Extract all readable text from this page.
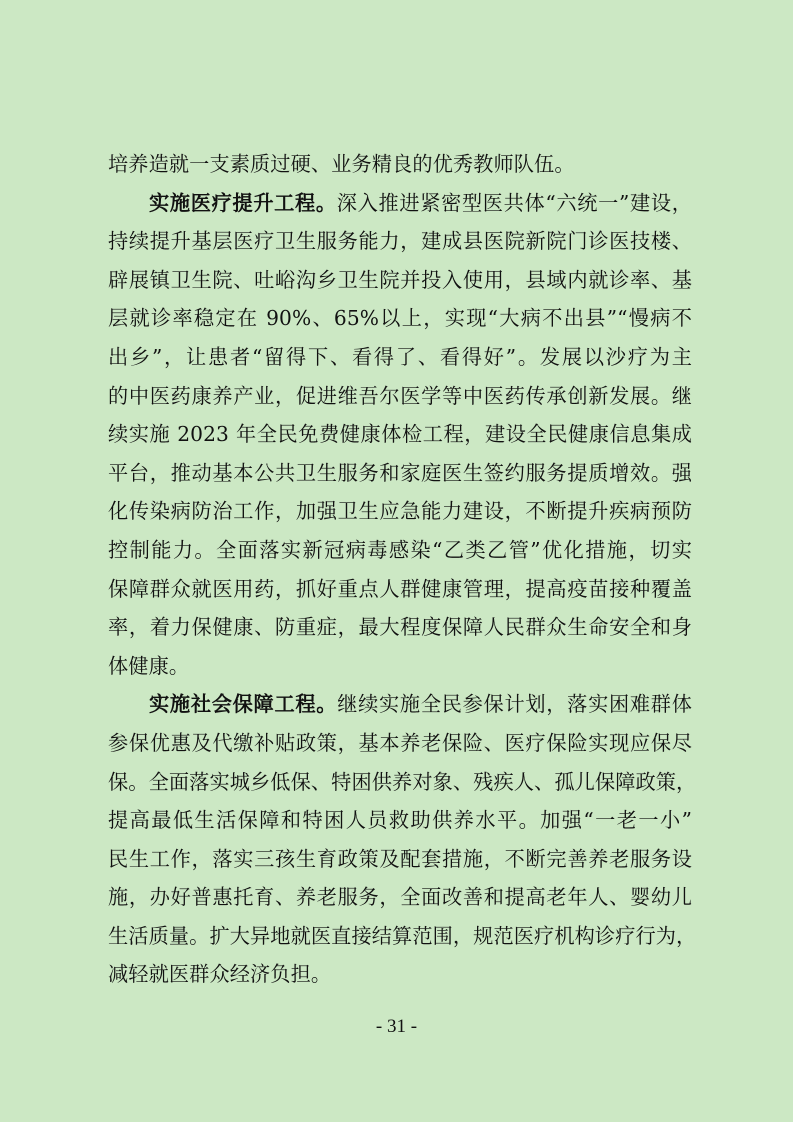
培养造就一支素质过硬、业务精良的优秀教师队伍。
实施医疗提升工程。深入推进紧密型医共体“六统一”建设，
持续提升基层医疗卫生服务能力，建成县医院新院门诊医技楼、
辟展镇卫生院、吐峪沟乡卫生院并投入使用，县域内就诊率、基
层就诊率稳定在 90%、65%以上，实现“大病不出县”“慢病不
出乡”，让患者“留得下、看得了、看得好”。发展以沙疗为主
的中医药康养产业，促进维吾尔医学等中医药传承创新发展。继
续实施 2023 年全民免费健康体检工程，建设全民健康信息集成
平台，推动基本公共卫生服务和家庭医生签约服务提质增效。强
化传染病防治工作，加强卫生应急能力建设，不断提升疾病预防
控制能力。全面落实新冠病毒感染“乙类乙管”优化措施，切实
保障群众就医用药，抓好重点人群健康管理，提高疫苗接种覆盖
率，着力保健康、防重症，最大程度保障人民群众生命安全和身
体健康。
实施社会保障工程。继续实施全民参保计划，落实困难群体
参保优惠及代缴补贴政策，基本养老保险、医疗保险实现应保尽
保。全面落实城乡低保、特困供养对象、残疾人、孤儿保障政策，
提高最低生活保障和特困人员救助供养水平。加强“一老一小”
民生工作，落实三孩生育政策及配套措施，不断完善养老服务设
施，办好普惠托育、养老服务，全面改善和提高老年人、婴幼儿
生活质量。扩大异地就医直接结算范围，规范医疗机构诊疗行为，
减轻就医群众经济负担。
- 31 -
